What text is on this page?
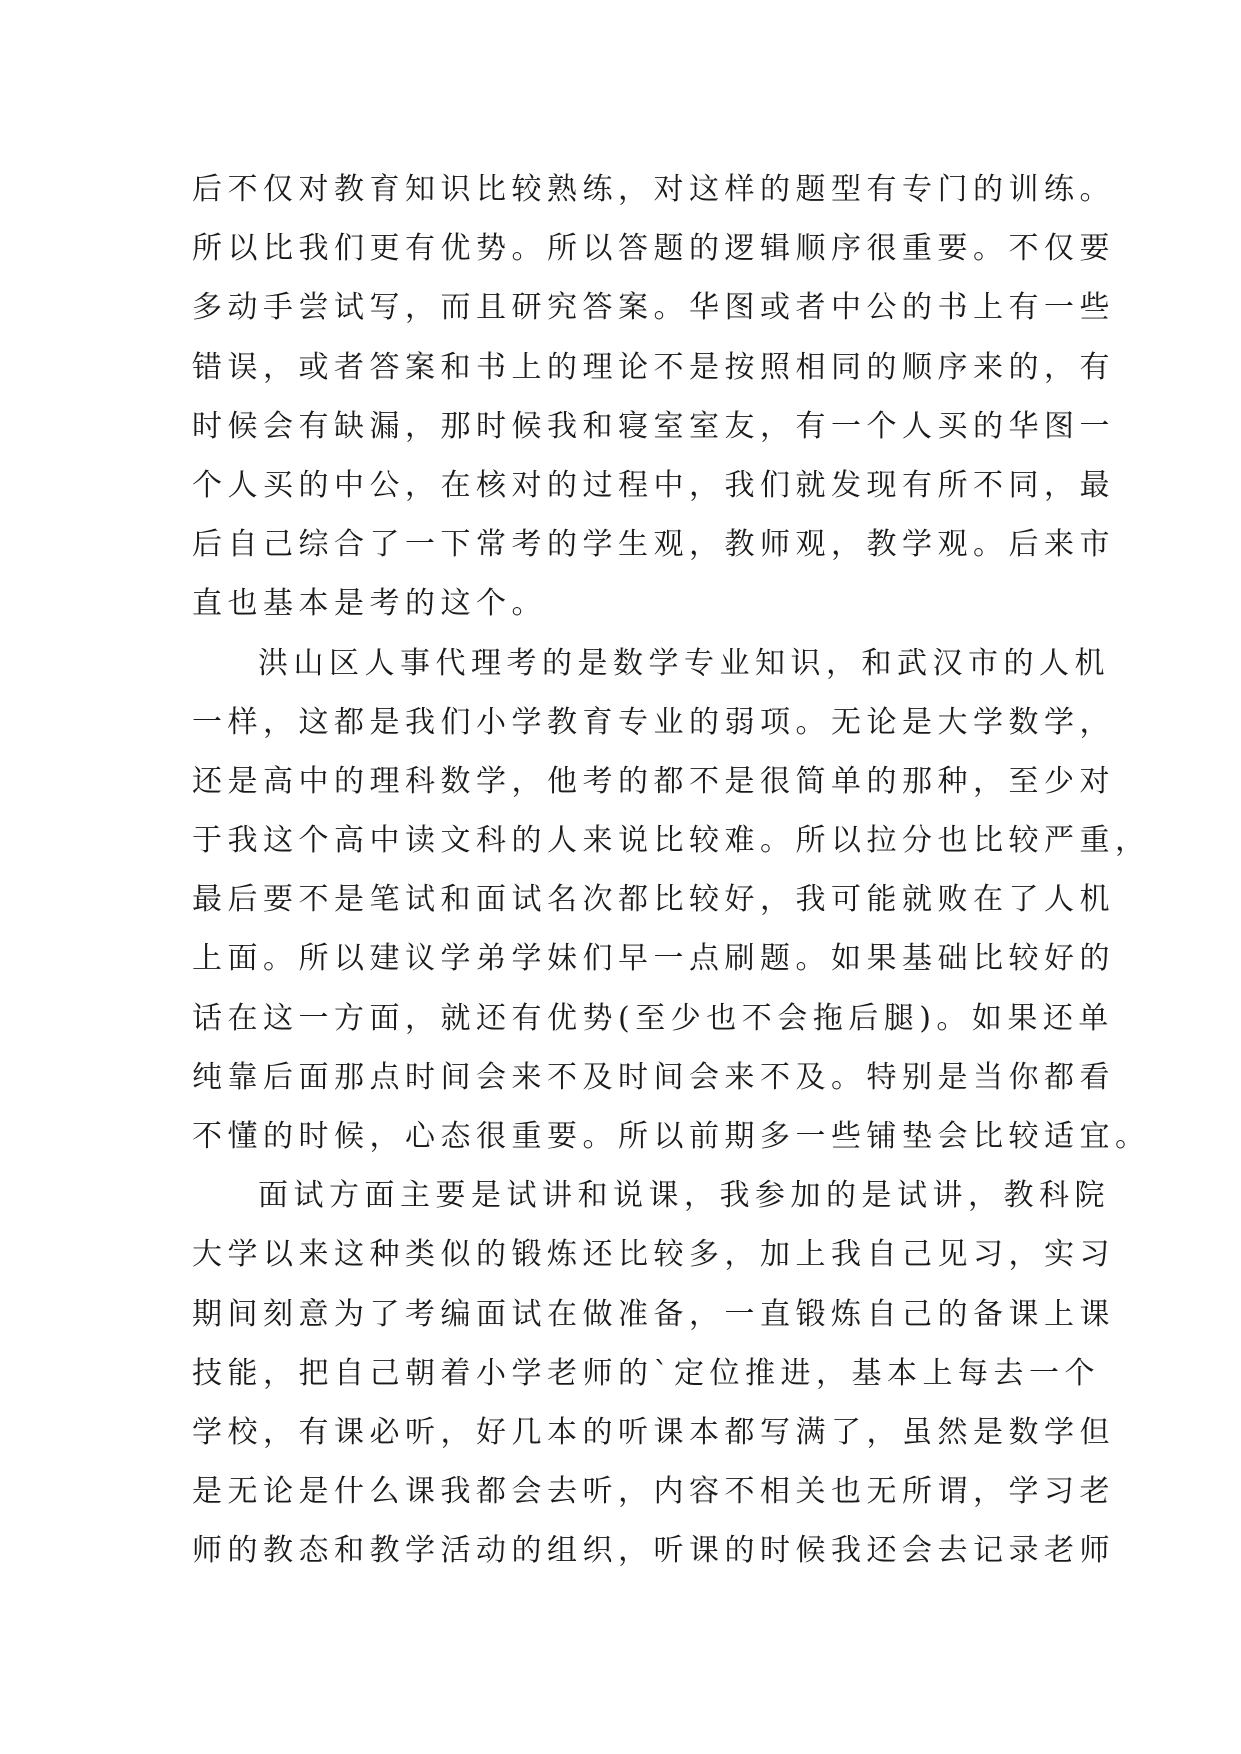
后不仅对教育知识比较熟练，对这样的题型有专门的训练。
所以比我们更有优势。所以答题的逻辑顺序很重要。不仅要
多动手尝试写，而且研究答案。华图或者中公的书上有一些
错误，或者答案和书上的理论不是按照相同的顺序来的，有
时候会有缺漏，那时候我和寝室室友，有一个人买的华图一
个人买的中公，在核对的过程中，我们就发现有所不同，最
后自己综合了一下常考的学生观，教师观，教学观。后来市
直也基本是考的这个。
洪山区人事代理考的是数学专业知识，和武汉市的人机
一样，这都是我们小学教育专业的弱项。无论是大学数学，
还是高中的理科数学，他考的都不是很简单的那种，至少对
于我这个高中读文科的人来说比较难。所以拉分也比较严重，
最后要不是笔试和面试名次都比较好，我可能就败在了人机
上面。所以建议学弟学妹们早一点刷题。如果基础比较好的
话在这一方面，就还有优势(至少也不会拖后腿)。如果还单
纯靠后面那点时间会来不及时间会来不及。特别是当你都看
不懂的时候，心态很重要。所以前期多一些铺垫会比较适宜。
面试方面主要是试讲和说课，我参加的是试讲，教科院
大学以来这种类似的锻炼还比较多，加上我自己见习，实习
期间刻意为了考编面试在做准备，一直锻炼自己的备课上课
技能，把自己朝着小学老师的`定位推进，基本上每去一个
学校，有课必听，好几本的听课本都写满了，虽然是数学但
是无论是什么课我都会去听，内容不相关也无所谓，学习老
师的教态和教学活动的组织，听课的时候我还会去记录老师
